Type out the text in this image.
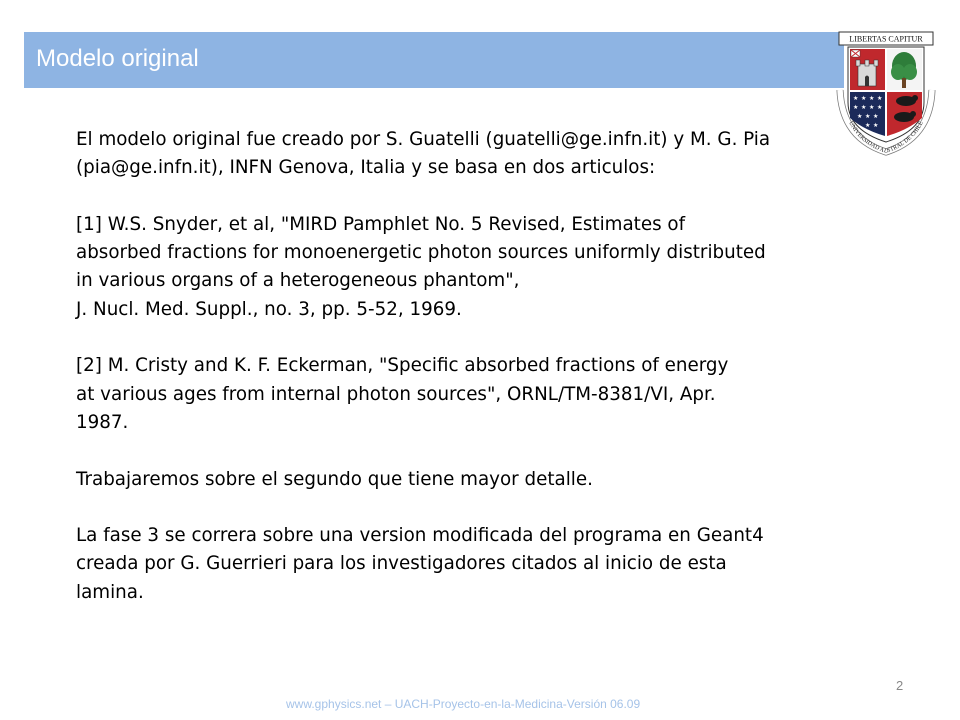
Modelo original
LIBERTAS CAPITUR
★ ★ ★ ★
★ ★ ★ ★
★ ★ ★
★ ★
UNIVERSIDAD AUSTRAL DE CHILE

El modelo original fue creado por S. Guatelli (guatelli@ge.infn.it) y M. G. Pia
(pia@ge.infn.it), INFN Genova, Italia y se basa en dos articulos:

[1] W.S. Snyder, et al, "MIRD Pamphlet No. 5 Revised, Estimates of
absorbed fractions for monoenergetic photon sources uniformly distributed
in various organs of a heterogeneous phantom",
J. Nucl. Med. Suppl., no. 3, pp. 5-52, 1969.

[2] M. Cristy and K. F. Eckerman, "Specific absorbed fractions of energy
at various ages from internal photon sources", ORNL/TM-8381/VI, Apr.
1987.

Trabajaremos sobre el segundo que tiene mayor detalle.

La fase 3 se correra sobre una version modificada del programa en Geant4
creada por G. Guerrieri para los investigadores citados al inicio de esta
lamina.

2
www.gphysics.net – UACH-Proyecto-en-la-Medicina-Versión 06.09
